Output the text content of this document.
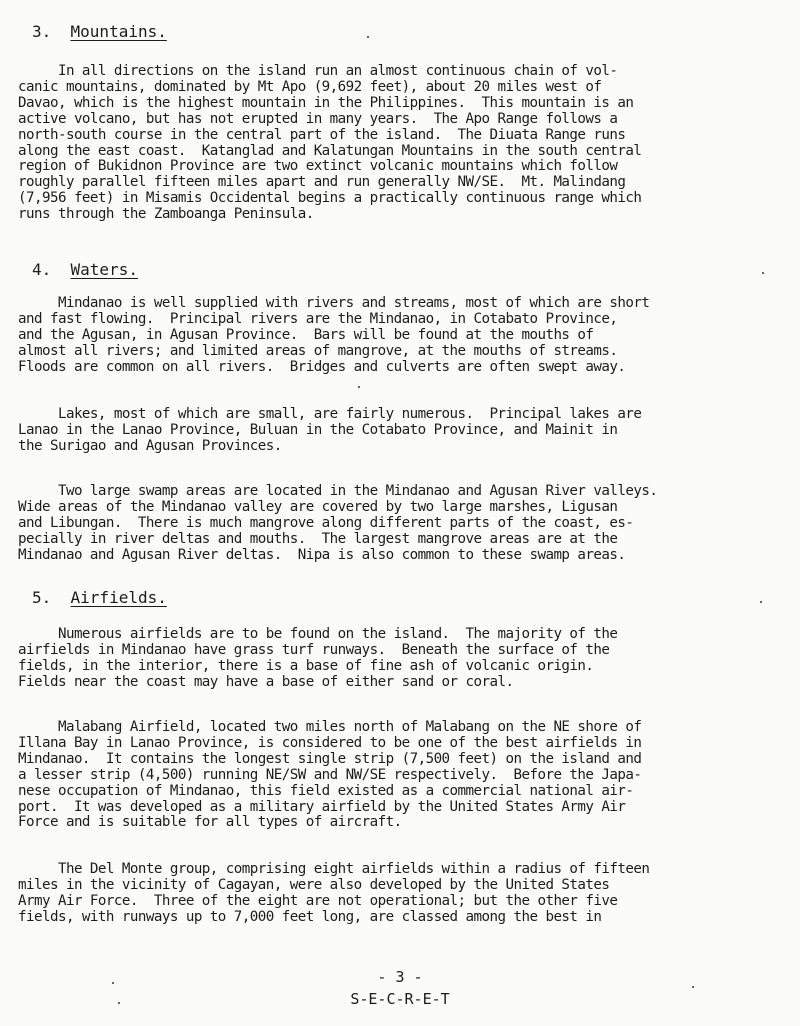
3. Mountains.
In all directions on the island run an almost continuous chain of vol-
canic mountains, dominated by Mt Apo (9,692 feet), about 20 miles west of
Davao, which is the highest mountain in the Philippines.  This mountain is an
active volcano, but has not erupted in many years.  The Apo Range follows a
north-south course in the central part of the island.  The Diuata Range runs
along the east coast.  Katanglad and Kalatungan Mountains in the south central
region of Bukidnon Province are two extinct volcanic mountains which follow
roughly parallel fifteen miles apart and run generally NW/SE.  Mt. Malindang
(7,956 feet) in Misamis Occidental begins a practically continuous range which
runs through the Zamboanga Peninsula.
4. Waters.
Mindanao is well supplied with rivers and streams, most of which are short
and fast flowing.  Principal rivers are the Mindanao, in Cotabato Province,
and the Agusan, in Agusan Province.  Bars will be found at the mouths of
almost all rivers; and limited areas of mangrove, at the mouths of streams.
Floods are common on all rivers.  Bridges and culverts are often swept away.
Lakes, most of which are small, are fairly numerous.  Principal lakes are
Lanao in the Lanao Province, Buluan in the Cotabato Province, and Mainit in
the Surigao and Agusan Provinces.
Two large swamp areas are located in the Mindanao and Agusan River valleys.
Wide areas of the Mindanao valley are covered by two large marshes, Ligusan
and Libungan.  There is much mangrove along different parts of the coast, es-
pecially in river deltas and mouths.  The largest mangrove areas are at the
Mindanao and Agusan River deltas.  Nipa is also common to these swamp areas.
5. Airfields.
Numerous airfields are to be found on the island.  The majority of the
airfields in Mindanao have grass turf runways.  Beneath the surface of the
fields, in the interior, there is a base of fine ash of volcanic origin.
Fields near the coast may have a base of either sand or coral.
Malabang Airfield, located two miles north of Malabang on the NE shore of
Illana Bay in Lanao Province, is considered to be one of the best airfields in
Mindanao.  It contains the longest single strip (7,500 feet) on the island and
a lesser strip (4,500) running NE/SW and NW/SE respectively.  Before the Japa-
nese occupation of Mindanao, this field existed as a commercial national air-
port.  It was developed as a military airfield by the United States Army Air
Force and is suitable for all types of aircraft.
The Del Monte group, comprising eight airfields within a radius of fifteen
miles in the vicinity of Cagayan, were also developed by the United States
Army Air Force.  Three of the eight are not operational; but the other five
fields, with runways up to 7,000 feet long, are classed among the best in
- 3 -
S-E-C-R-E-T
